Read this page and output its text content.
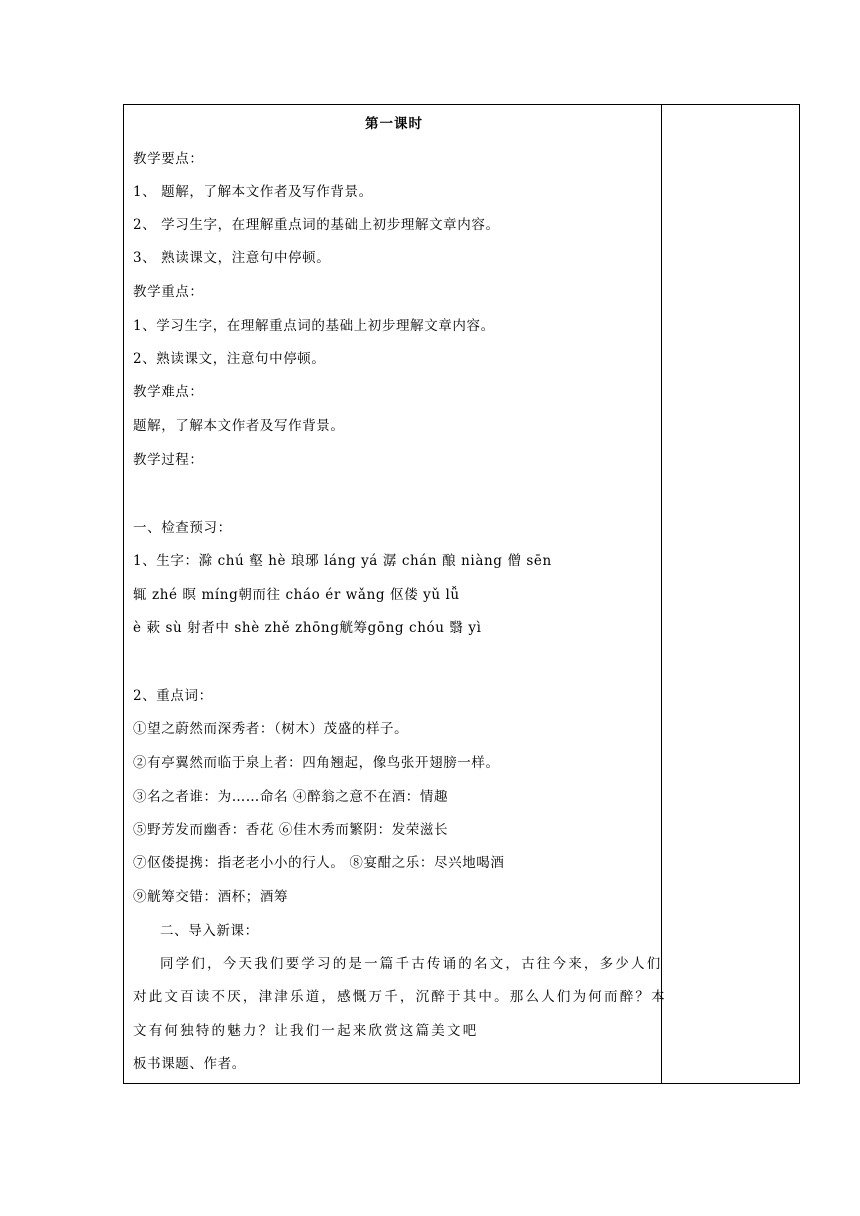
第一课时
教学要点：
1、 题解，了解本文作者及写作背景。
2、 学习生字，在理解重点词的基础上初步理解文章内容。
3、 熟读课文，注意句中停顿。
教学重点：
1、学习生字，在理解重点词的基础上初步理解文章内容。
2、熟读课文，注意句中停顿。
教学难点：
题解，了解本文作者及写作背景。
教学过程：
一、检查预习：
1、生字：滁 chú 壑 hè 琅琊 láng yá 潺 chán 酿 niàng 僧 sēn
辄 zhé 暝 míng朝而往 cháo ér wǎng 伛偻 yǔ lǚ
è 蔌 sù 射者中 shè zhě zhōng觥筹gōng chóu 翳 yì
2、重点词：
①望之蔚然而深秀者：（树木）茂盛的样子。
②有亭翼然而临于泉上者：四角翘起，像鸟张开翅膀一样。
③名之者谁：为……命名 ④醉翁之意不在酒：情趣
⑤野芳发而幽香：香花 ⑥佳木秀而繁阴：发荣滋长
⑦伛偻提携：指老老小小的行人。 ⑧宴酣之乐：尽兴地喝酒
⑨觥筹交错：酒杯；酒筹
二、导入新课：
同学们，今天我们要学习的是一篇千古传诵的名文，古往今来，多少人们
对此文百读不厌，津津乐道，感慨万千，沉醉于其中。那么人们为何而醉？本
文有何独特的魅力？让我们一起来欣赏这篇美文吧
板书课题、作者。
